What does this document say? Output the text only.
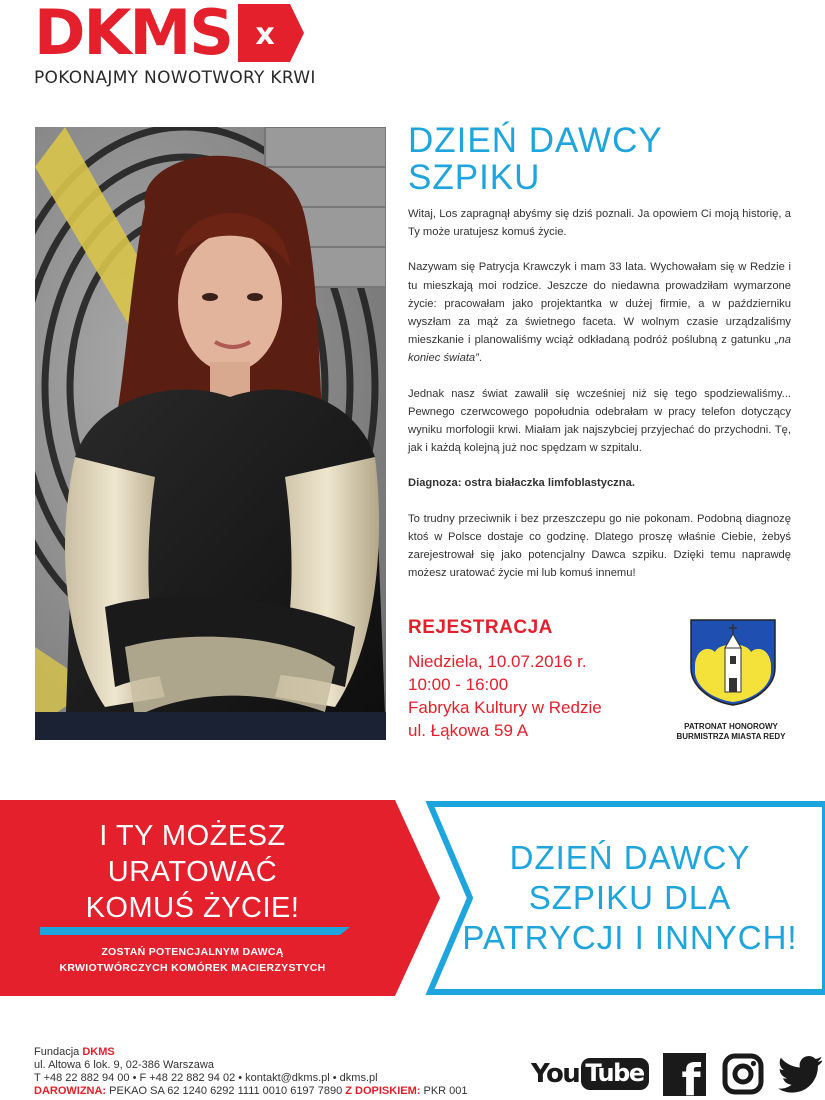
DKMS x
POKONAJMY NOWOTWORY KRWI
DZIEŃ DAWCY
SZPIKU

Witaj, Los zapragnął abyśmy się dziś poznali. Ja opowiem Ci moją historię, a Ty może uratujesz komuś życie.

Nazywam się Patrycja Krawczyk i mam 33 lata. Wychowałam się w Redzie i tu mieszkają moi rodzice. Jeszcze do niedawna prowadziłam wymarzone życie: pracowałam jako projektantka w dużej firmie, a w październiku wyszłam za mąż za świetnego faceta. W wolnym czasie urządzaliśmy mieszkanie i planowaliśmy wciąż odkładaną podróż poślubną z gatunku „na koniec świata”.

Jednak nasz świat zawalił się wcześniej niż się tego spodziewaliśmy... Pewnego czerwcowego popołudnia odebrałam w pracy telefon dotyczący wyniku morfologii krwi. Miałam jak najszybciej przyjechać do przychodni. Tę, jak i każdą kolejną już noc spędzam w szpitalu.

Diagnoza: ostra białaczka limfoblastyczna.

To trudny przeciwnik i bez przeszczepu go nie pokonam. Podobną diagnozę ktoś w Polsce dostaje co godzinę. Dlatego proszę właśnie Ciebie, żebyś zarejestrował się jako potencjalny Dawca szpiku. Dzięki temu naprawdę możesz uratować życie mi lub komuś innemu!

REJESTRACJA
Niedziela, 10.07.2016 r.
10:00 - 16:00
Fabryka Kultury w Redzie
ul. Łąkowa 59 A	PATRONAT HONOROWY
BURMISTRZA MIASTA REDY
I TY MOŻESZ
URATOWAĆ
KOMUŚ ŻYCIE!
ZOSTAŃ POTENCJALNYM DAWCĄ
KRWIOTWÓRCZYCH KOMÓREK MACIERZYSTYCH
DZIEŃ DAWCY
SZPIKU DLA
PATRYCJI I INNYCH!
Fundacja DKMS
ul. Altowa 6 lok. 9, 02-386 Warszawa
T +48 22 882 94 00 • F +48 22 882 94 02 • kontakt@dkms.pl • dkms.pl
DAROWIZNA: PEKAO SA 62 1240 6292 1111 0010 6197 7890 Z DOPISKIEM: PKR 001
You Tube f
